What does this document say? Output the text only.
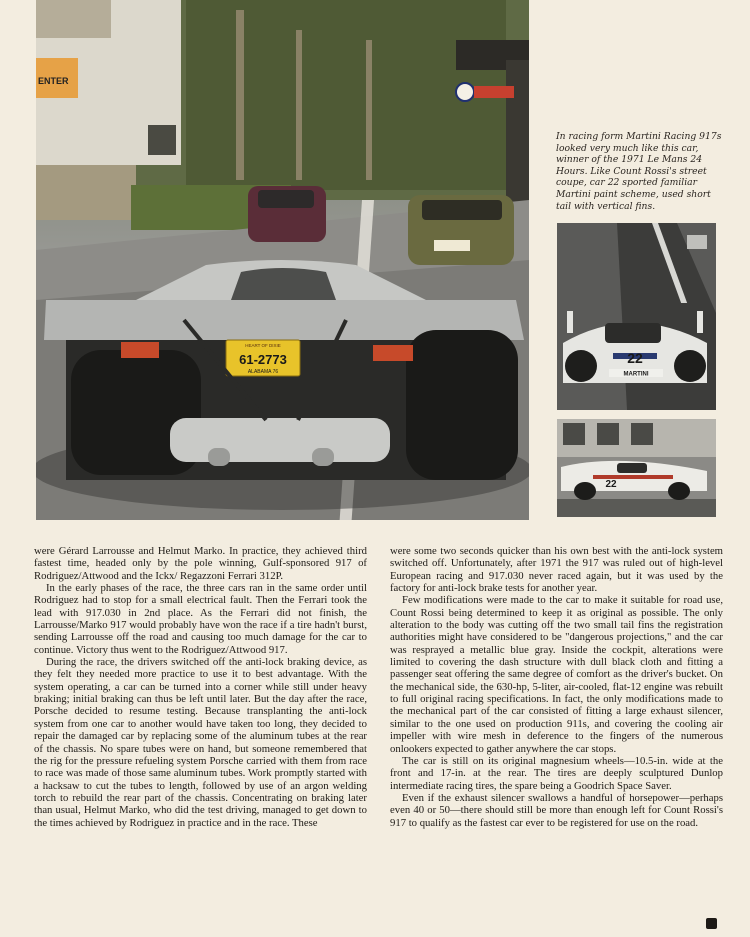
ENTER
HEART OF DIXIE
61-2773
ALABAMA 76
In racing form Martini Racing 917s looked very much like this car, winner of the 1971 Le Mans 24 Hours. Like Count Rossi's street coupe, car 22 sported familiar Martini paint scheme, used short tail with vertical fins.
22
MARTINI
22

were Gérard Larrousse and Helmut Marko. In practice, they achieved third fastest time, headed only by the pole winning, Gulf-sponsored 917 of Rodriguez/Attwood and the Ickx/ Regazzoni Ferrari 312P.

In the early phases of the race, the three cars ran in the same order until Rodriguez had to stop for a small electrical fault. Then the Ferrari took the lead with 917.030 in 2nd place. As the Ferrari did not finish, the Larrousse/Marko 917 would probably have won the race if a tire hadn't burst, sending Larrousse off the road and causing too much damage for the car to continue. Victory thus went to the Rodriguez/Attwood 917.

During the race, the drivers switched off the anti-lock braking device, as they felt they needed more practice to use it to best advantage. With the system operating, a car can be turned into a corner while still under heavy braking; initial braking can thus be left until later. But the day after the race, Porsche decided to resume testing. Because transplanting the anti-lock system from one car to another would have taken too long, they decided to repair the damaged car by replacing some of the aluminum tubes at the rear of the chassis. No spare tubes were on hand, but someone remembered that the rig for the pressure refueling system Porsche carried with them from race to race was made of those same aluminum tubes. Work promptly started with a hacksaw to cut the tubes to length, followed by use of an argon welding torch to rebuild the rear part of the chassis. Concentrating on braking later than usual, Helmut Marko, who did the test driving, managed to get down to the times achieved by Rodriguez in practice and in the race. These

were some two seconds quicker than his own best with the anti-lock system switched off. Unfortunately, after 1971 the 917 was ruled out of high-level European racing and 917.030 never raced again, but it was used by the factory for anti-lock brake tests for another year.

Few modifications were made to the car to make it suitable for road use, Count Rossi being determined to keep it as original as possible. The only alteration to the body was cutting off the two small tail fins the registration authorities might have considered to be "dangerous projections," and the car was resprayed a metallic blue gray. Inside the cockpit, alterations were limited to covering the dash structure with dull black cloth and fitting a passenger seat offering the same degree of comfort as the driver's bucket. On the mechanical side, the 630-hp, 5-liter, air-cooled, flat-12 engine was rebuilt to full original racing specifications. In fact, the only modifications made to the mechanical part of the car consisted of fitting a large exhaust silencer, similar to the one used on production 911s, and covering the cooling air impeller with wire mesh in deference to the fingers of the numerous onlookers expected to gather anywhere the car stops.

The car is still on its original magnesium wheels—10.5-in. wide at the front and 17-in. at the rear. The tires are deeply sculptured Dunlop intermediate racing tires, the spare being a Goodrich Space Saver.

Even if the exhaust silencer swallows a handful of horsepower—perhaps even 40 or 50—there should still be more than enough left for Count Rossi's 917 to qualify as the fastest car ever to be registered for use on the road.
